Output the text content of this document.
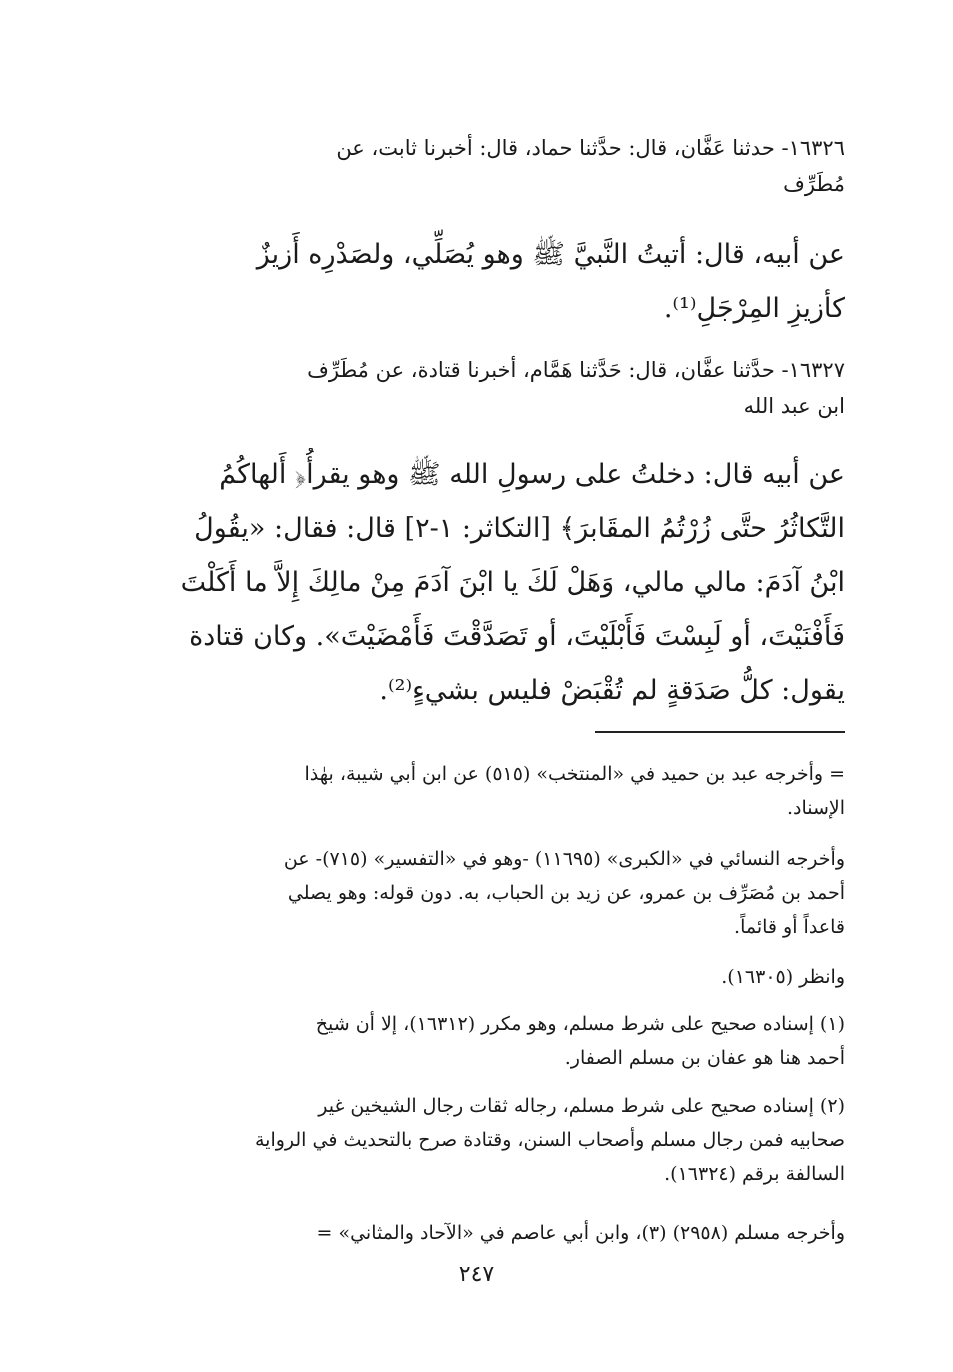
١٦٣٢٦- حدثنا عَفَّان، قال: حدَّثنا حماد، قال: أخبرنا ثابت، عن
مُطَرِّف
عن أبيه، قال: أتيتُ النَّبيَّ ﷺ وهو يُصَلِّي، ولصَدْرِه أَزيزٌ
كأزيزِ المِرْجَلِ⁽¹⁾.
١٦٣٢٧- حدَّثنا عفَّان، قال: حَدَّثنا هَمَّام، أخبرنا قتادة، عن مُطَرِّف
ابن عبد الله
عن أبيه قال: دخلتُ على رسولِ الله ﷺ وهو يقرأُ﴿ أَلهاكُمُ
التَّكاثُرُ حتَّى زُرْتُمُ المقَابرَ﴾ [التكاثر: ١-٢] قال: فقال: «يقُولُ
ابْنُ آدَمَ: مالي مالي، وَهَلْ لَكَ يا ابْنَ آدَمَ مِنْ مالِكَ إِلاَّ ما أَكَلْتَ
فَأَفْنَيْتَ، أو لَبِسْتَ فَأَبْلَيْتَ، أو تَصَدَّقْتَ فَأَمْضَيْتَ». وكان قتادة
يقول: كلُّ صَدَقةٍ لم تُقْبَضْ فليس بشيءٍ⁽²⁾.
=وأخرجه عبد بن حميد في «المنتخب» (٥١٥) عن ابن أبي شيبة، بهٰذا
الإسناد.
وأخرجه النسائي في «الكبرى» (١١٦٩٥) -وهو في «التفسير» (٧١٥)- عن
أحمد بن مُصَرِّف بن عمرو، عن زيد بن الحباب، به. دون قوله: وهو يصلي
قاعداً أو قائماً.
وانظر (١٦٣٠٥).
(١) إسناده صحيح على شرط مسلم، وهو مكرر (١٦٣١٢)، إلا أن شيخ
أحمد هنا هو عفان بن مسلم الصفار.
(٢) إسناده صحيح على شرط مسلم، رجاله ثقات رجال الشيخين غير
صحابيه فمن رجال مسلم وأصحاب السنن، وقتادة صرح بالتحديث في الرواية
السالفة برقم (١٦٣٢٤).
وأخرجه مسلم (٢٩٥٨) (٣)، وابن أبي عاصم في «الآحاد والمثاني» =
٢٤٧
